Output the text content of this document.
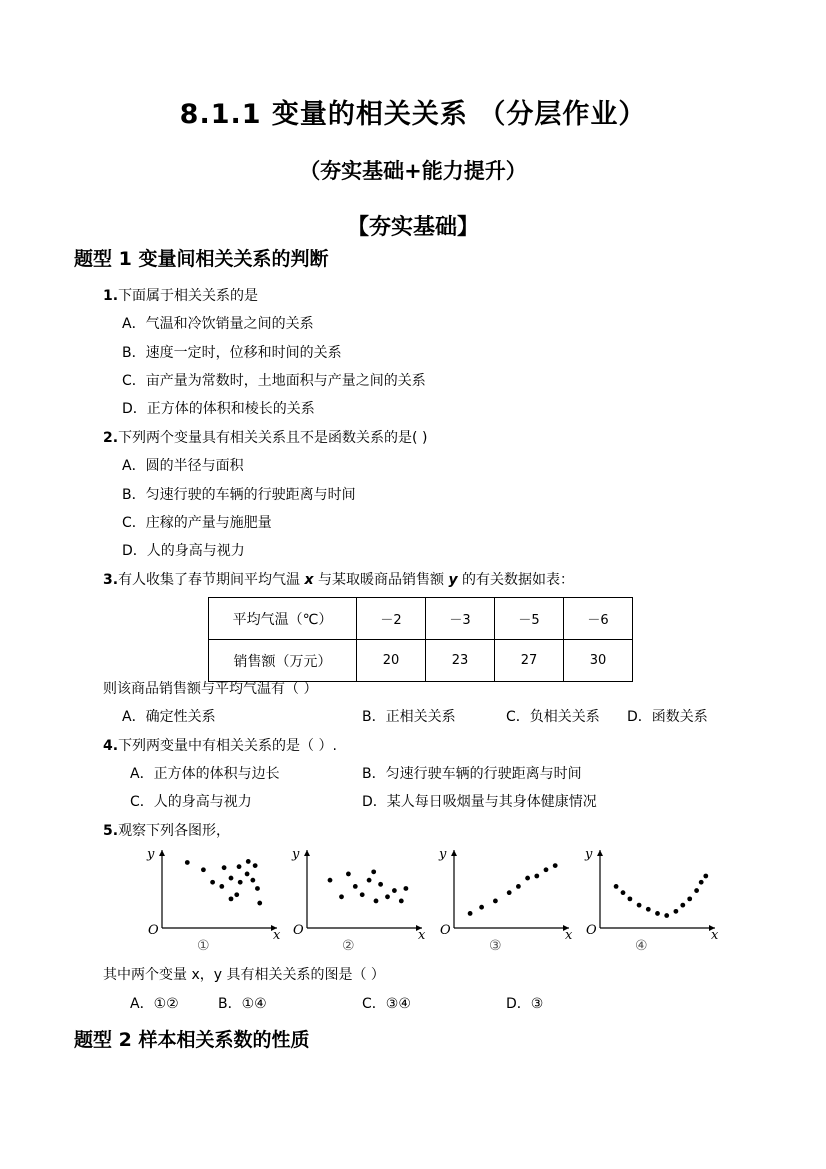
8.1.1 变量的相关关系 （分层作业）
（夯实基础+能力提升）
【夯实基础】
题型 1 变量间相关关系的判断
1.下面属于相关关系的是
A．气温和冷饮销量之间的关系
B．速度一定时，位移和时间的关系
C．亩产量为常数时，土地面积与产量之间的关系
D．正方体的体积和棱长的关系
2.下列两个变量具有相关关系且不是函数关系的是( )
A．圆的半径与面积
B．匀速行驶的车辆的行驶距离与时间
C．庄稼的产量与施肥量
D．人的身高与视力
3.有人收集了春节期间平均气温 x 与某取暖商品销售额 y 的有关数据如表：
平均气温（℃）	－2	－3	－5	－6
销售额（万元）	20	23	27	30
则该商品销售额与平均气温有（ ）
A．确定性关系	B．正相关关系	C．负相关关系 D．函数关系
4.下列两变量中有相关关系的是（ ）.
A．正方体的体积与边长	B．匀速行驶车辆的行驶距离与时间
C．人的身高与视力	D．某人每日吸烟量与其身体健康情况
5.观察下列各图形，
y
x
O
①
y
x
O
②
y
x
O
③
y
x
O
④
其中两个变量 x，y 具有相关关系的图是（ ）
A．①②	B．①④	C．③④	D．③
题型 2 样本相关系数的性质
